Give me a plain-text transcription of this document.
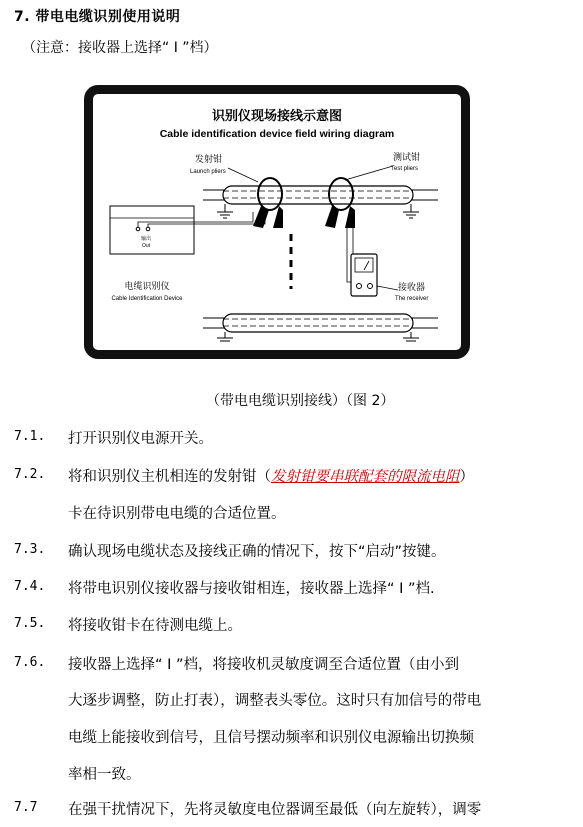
7. 带电电缆识别使用说明
（注意：接收器上选择“ I ”档）
识别仪现场接线示意图
Cable identification device field wiring diagram
发射钳
Launch pliers
测试钳
Test pliers
输出
Out
电缆识别仪
Cable Identification Device
接收器
The receiver
（带电电缆识别接线）（图 2）
7.1. 打开识别仪电源开关。
7.2. 将和识别仪主机相连的发射钳（发射钳要串联配套的限流电阻）
卡在待识别带电电缆的合适位置。
7.3. 确认现场电缆状态及接线正确的情况下，按下“启动”按键。
7.4. 将带电识别仪接收器与接收钳相连，接收器上选择“ I ”档.
7.5. 将接收钳卡在待测电缆上。
7.6. 接收器上选择“ I ”档，将接收机灵敏度调至合适位置（由小到
大逐步调整，防止打表），调整表头零位。这时只有加信号的带电
电缆上能接收到信号，且信号摆动频率和识别仪电源输出切换频
率相一致。
7.7 在强干扰情况下，先将灵敏度电位器调至最低（向左旋转），调零
